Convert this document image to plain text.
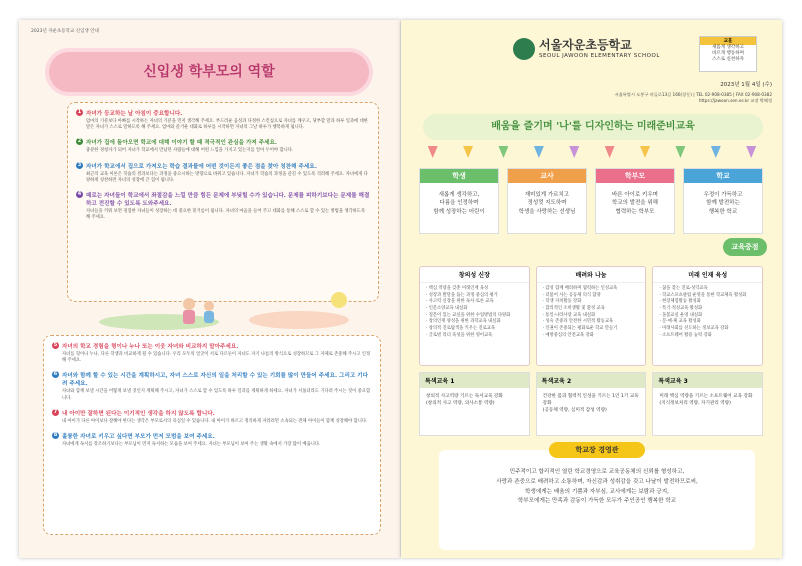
2023년 자운초등학교 신입생 안내
신입생 학부모의 역할
1 자녀가 등교하는 날 아침이 중요합니다.
엄마의 기분보다 아빠를 시작하는 자녀의 기분을 먼저 생각해 주세요. 부드러운 음성과 다정한 스킨십으로 자녀를 깨우고, 당부할 말과 하루 일과에 대한 말은 자녀가 스스로 말하도록 해 주세요. 엄마와 즐거운 대화로 하루를 시작하면 자녀의 그날 하루가 행복하게 됩니다.
2 자녀가 집에 돌아오면 학교에 대해 이야기 할 때 적극적인 관심을 가져 주세요.
충분한 경청자가 되어 자녀가 학교에서 만났던 사람들에 대해 어떤 느낌을 가지고 있는지를 알아 두어야 합니다.
3 자녀가 학교에서 집으로 가져오는 학습 결과물에 어떤 것이든지 좋은 점을 찾아 칭찬해 주세요.
최근의 교육 이론은 학습의 결과보다는 과정을 중요시하는 방향으로 바뀌고 있습니다. 자녀가 학습의 과정을 즐길 수 있도록 격려해 주세요. 자녀에게 다양하게 칭찬하면 자녀의 성장에 큰 힘이 됩니다.
4 때로는 자녀들이 학교에서 좌절감을 느낄 만큼 힘든 문제에 부딪힐 수가 있습니다. 문제를 피하기보다는 문제를 해결하고 전진할 수 있도록 도와주세요.
자녀들을 키워 보면 경험한 자녀들이 성장하는 데 중요한 밑거름이 됩니다. 자녀의 마음을 들어 주고 대화를 통해 스스로 할 수 있는 방법을 생각하도록 해 주세요.
5 자녀의 학교 경험을 형이나 누나 또는 이웃 자녀와 비교하지 말아주세요.
자녀를 형이나 누나, 다른 학생과 비교하게 될 수 있습니다. 우리 모두의 얼굴이 서로 다르듯이 자녀도 자기 나름의 방식으로 성장하므로 그 자체로 존중해 주시고 인정해 주세요.
6 자녀와 함께 할 수 있는 시간을 계획하시고, 자녀 스스로 자신의 일을 처리할 수 있는 기회를 많이 만들어 주세요. 그리고 기다려 주세요.
자녀와 함께 보낼 시간을 어떻게 보낼 것인지 계획해 주시고, 자녀가 스스로 할 수 있도록 하루 일과를 계획하게 하세요. 자녀가 서툴더라도 기다려 주시는 것이 중요합니다.
7 내 아이만 잘하면 된다는 이기적인 생각을 하지 않도록 합니다.
내 아이가 다른 아이보다 잘해야 한다는 생각은 부모로서의 욕심일 수 있습니다. 내 아이가 바르고 정직하게 자라려면 소속되는 전체 아이들이 함께 성장해야 합니다.
8 훌륭한 자녀로 키우고 싶다면 부모가 먼저 모범을 보여 주세요.
자녀에게 독서를 강조하기보다는 부모님이 먼저 독서하는 모습을 보여 주세요. 자녀는 부모님이 보여 주는 생활 속에서 가장 많이 배웁니다.
서울자운초등학교
SEOUL JAWOON ELEMENTARY SCHOOL
교훈
새롭게 생각하고
바르게 행동하며
스스로 실천하자
2023년 1월 4일 (수)
서울특별시 도봉구 마들로13길 166(창동) | TEL 02-908-0385 | FAX 02-908-0382
https://jawoon.sen.es.kr 교장 박해정
배움을 즐기며 '나'를 디자인하는 미래준비교육
학생
새롭게 생각하고,
다름을 인정하며
함께 성장하는 어린이
교사
재미있게 가르치고
정성껏 지도하며
학생을 사랑하는 선생님
학부모
바른 아이로 키우며
학교의 발전을 위해
협력하는 학부모
학교
우정이 가득하고
함께 발전하는
행복한 학교
교육중점
창의성 신장
· 핵심 역량을 갖춘 미래인재 육성
· 성장과 발달을 돕는 과정 중심의 평가
· 사고력 신장을 위한 독서·토론 교육
· 인문소양교육 내실화
· 질문이 있는 교실을 위한 수업방법의 다양화
· 창의인재 양성을 위한 과학교육 내실화
· 창의적 진로탐색을 키우는 진로교육
· 글로벌 리더 육성을 위한 영어교육
배려와 나눔
· 감성 함께 배려하며 협력하는 인성교육
· 더불어 사는 공동체 의식 함양
· 학생 자치활동 강화
· 합리적인 소비생활 및 환경 교육
· 통일·나라사랑 교육 내실화
· 성숙 존중과 안전한 시민적 활동교육
· 인권이 존중되는 평화로운 학교 만들기
· 예방중심의 안전교육 강화
미래 인재 육성
· 꿈을 찾는 진로·성덕교육
· 학교스포츠클럽 운영을 통한 학교체육 활성화
· 현장체험활동 활성화
· 특기·적성교육 활성화
· 돌봄교실 운영 내실화
· 문·예·체 교육 활성화
· 미래사회를 선도하는 정보교육 강화
· 소프트웨어 활용 능력 강화
특색교육 1
창의적 사고역량 기르는 독서교육 강화
(창의적 사고 역량, 의사소통 역량)
특색교육 2
건강한 몸과 협력적 인성을 기르는 1인 1기 교육 강화
(공동체 역량, 심미적 감성 역량)
특색교육 3
미래 핵심 역량을 기르는 소프트웨어 교육 강화
(지식정보처리 역량, 자기관리 역량)
학교장 경영관
민주적이고 합리적인 열린 학교경영으로 교육공동체의 신뢰를 형성하고,
사랑과 존중으로 배려하고 소통하며, 자신감과 성취감을 갖고 나날이 발전하므로써,
학생에게는 배움의 기쁨과 자부심, 교사에게는 보람과 긍지,
학부모에게는 만족과 감동이 가득한 모두가 주인공인 행복한 학교
